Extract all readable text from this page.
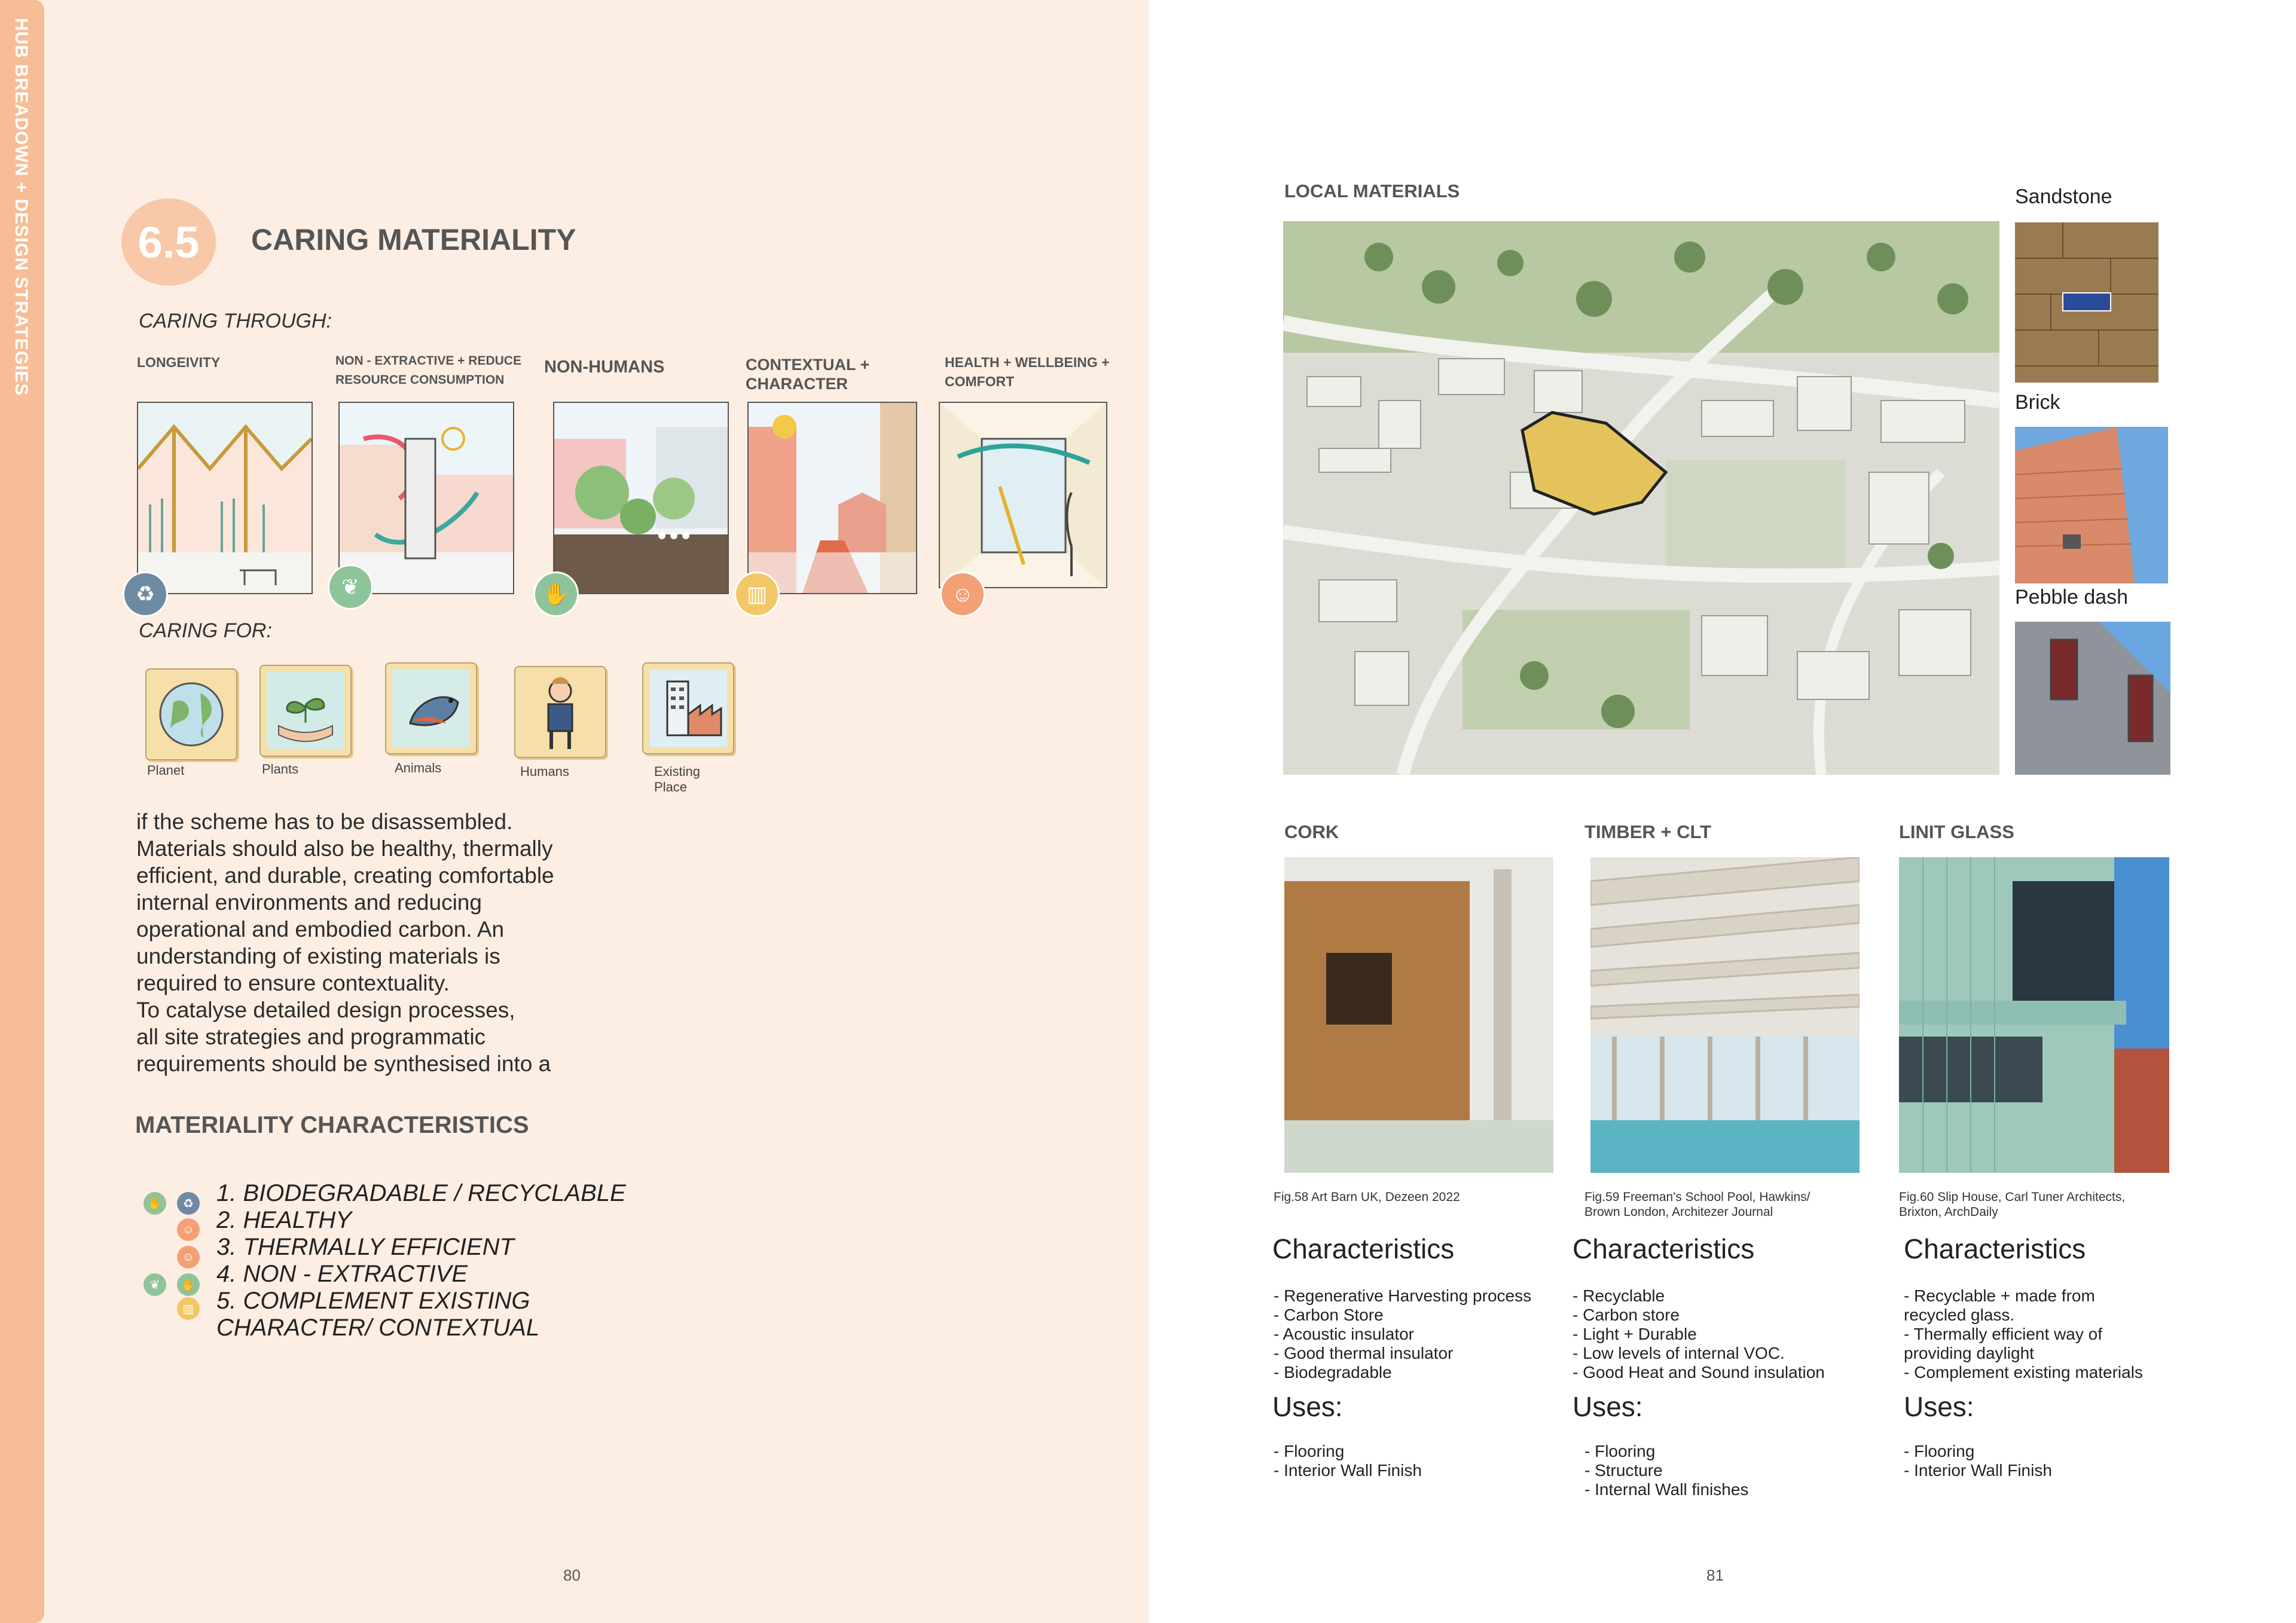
HUB BREADOWN + DESIGN STRATEGIES	6.5	CARING MATERIALITY
CARING THROUGH:
LONGEIVITY	NON - EXTRACTIVE + REDUCE
RESOURCE CONSUMPTION
NON-HUMANS	CONTEXTUAL +
CHARACTER
HEALTH + WELLBEING +
COMFORT
♻	❦	✋	▥	☺
CARING FOR:
Planet	Plants	Animals	Humans	Existing
Place

if the scheme has to be disassembled.

Materials should also be healthy, thermally

efficient, and durable, creating comfortable

internal environments and reducing

operational and embodied carbon. An

understanding of existing materials is

required to ensure contextuality.

To catalyse detailed design processes,

all site strategies and programmatic

requirements should be synthesised into a

MATERIALITY CHARACTERISTICS
✋	♻
☺
☺
❦	✋
▥
1. BIODEGRADABLE / RECYCLABLE
2. HEALTHY
3. THERMALLY EFFICIENT
4. NON - EXTRACTIVE
5. COMPLEMENT EXISTING
CHARACTER/ CONTEXTUAL
80
LOCAL MATERIALS	Sandstone
Brick
Pebble dash
CORK	TIMBER + CLT	LINIT GLASS
Fig.58 Art Barn UK, Dezeen 2022	Fig.59 Freeman's School Pool, Hawkins/
Brown London, Architezer Journal
Fig.60 Slip House, Carl Tuner Architects,
Brixton, ArchDaily
Characteristics	Characteristics	Characteristics
- Regenerative Harvesting process
- Carbon Store
- Acoustic insulator
- Good thermal insulator
- Biodegradable
- Recyclable
- Carbon store
- Light + Durable
- Low levels of internal VOC.
- Good Heat and Sound insulation
- Recyclable + made from
recycled glass.
- Thermally efficient way of
providing daylight
- Complement existing materials
Uses:	Uses:	Uses:
- Flooring
- Interior Wall Finish
- Flooring
- Structure
- Internal Wall finishes
- Flooring
- Interior Wall Finish
81
